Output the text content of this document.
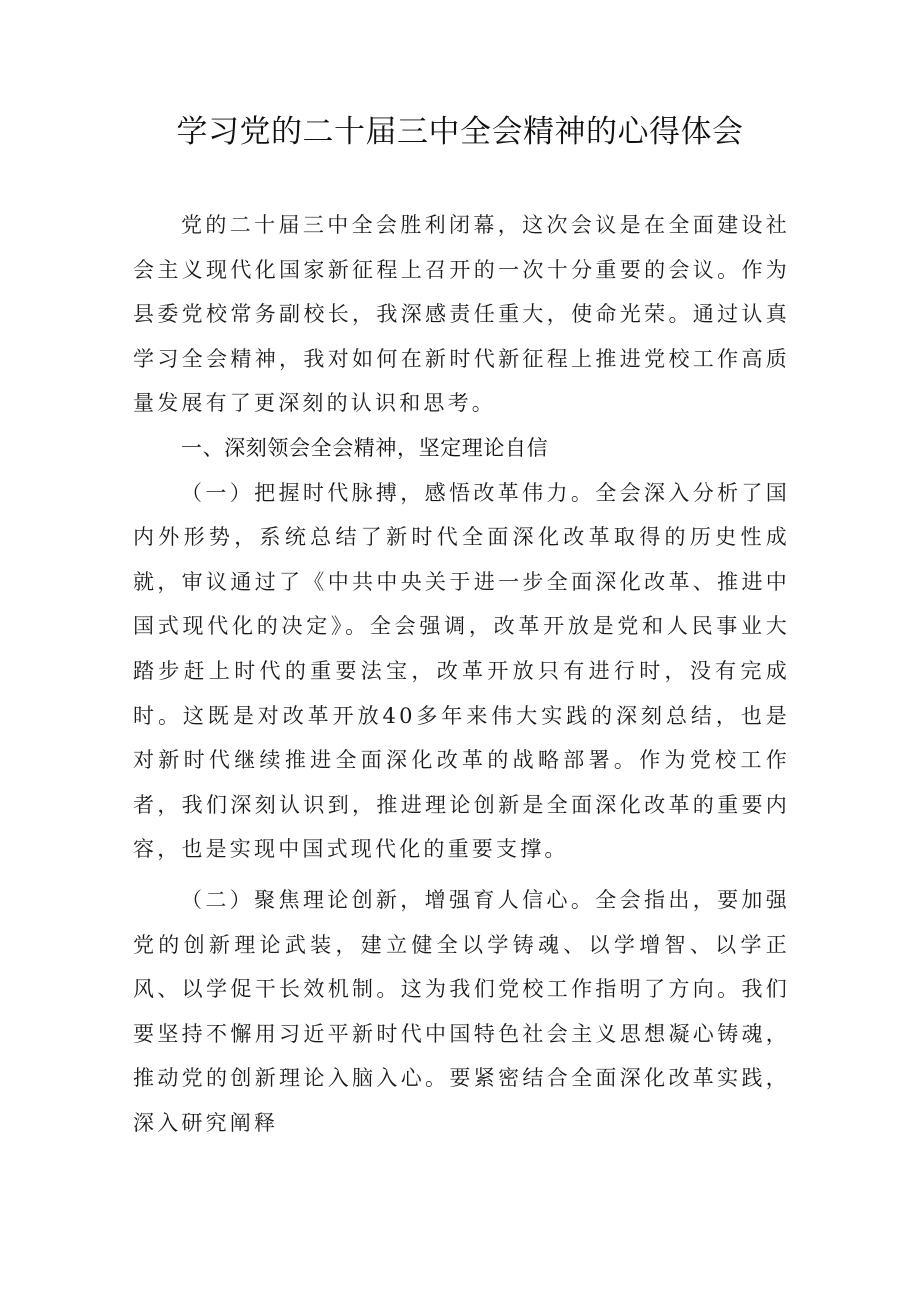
学习党的二十届三中全会精神的心得体会

党的二十届三中全会胜利闭幕，这次会议是在全面建设社会主义现代化国家新征程上召开的一次十分重要的会议。作为县委党校常务副校长，我深感责任重大，使命光荣。通过认真学习全会精神，我对如何在新时代新征程上推进党校工作高质量发展有了更深刻的认识和思考。

一、深刻领会全会精神，坚定理论自信

（一）把握时代脉搏，感悟改革伟力。全会深入分析了国内外形势，系统总结了新时代全面深化改革取得的历史性成就，审议通过了《中共中央关于进一步全面深化改革、推进中国式现代化的决定》。全会强调，改革开放是党和人民事业大踏步赶上时代的重要法宝，改革开放只有进行时，没有完成时。这既是对改革开放40多年来伟大实践的深刻总结，也是对新时代继续推进全面深化改革的战略部署。作为党校工作者，我们深刻认识到，推进理论创新是全面深化改革的重要内容，也是实现中国式现代化的重要支撑。

（二）聚焦理论创新，增强育人信心。全会指出，要加强党的创新理论武装，建立健全以学铸魂、以学增智、以学正风、以学促干长效机制。这为我们党校工作指明了方向。我们要坚持不懈用习近平新时代中国特色社会主义思想凝心铸魂，推动党的创新理论入脑入心。要紧密结合全面深化改革实践，深入研究阐释
